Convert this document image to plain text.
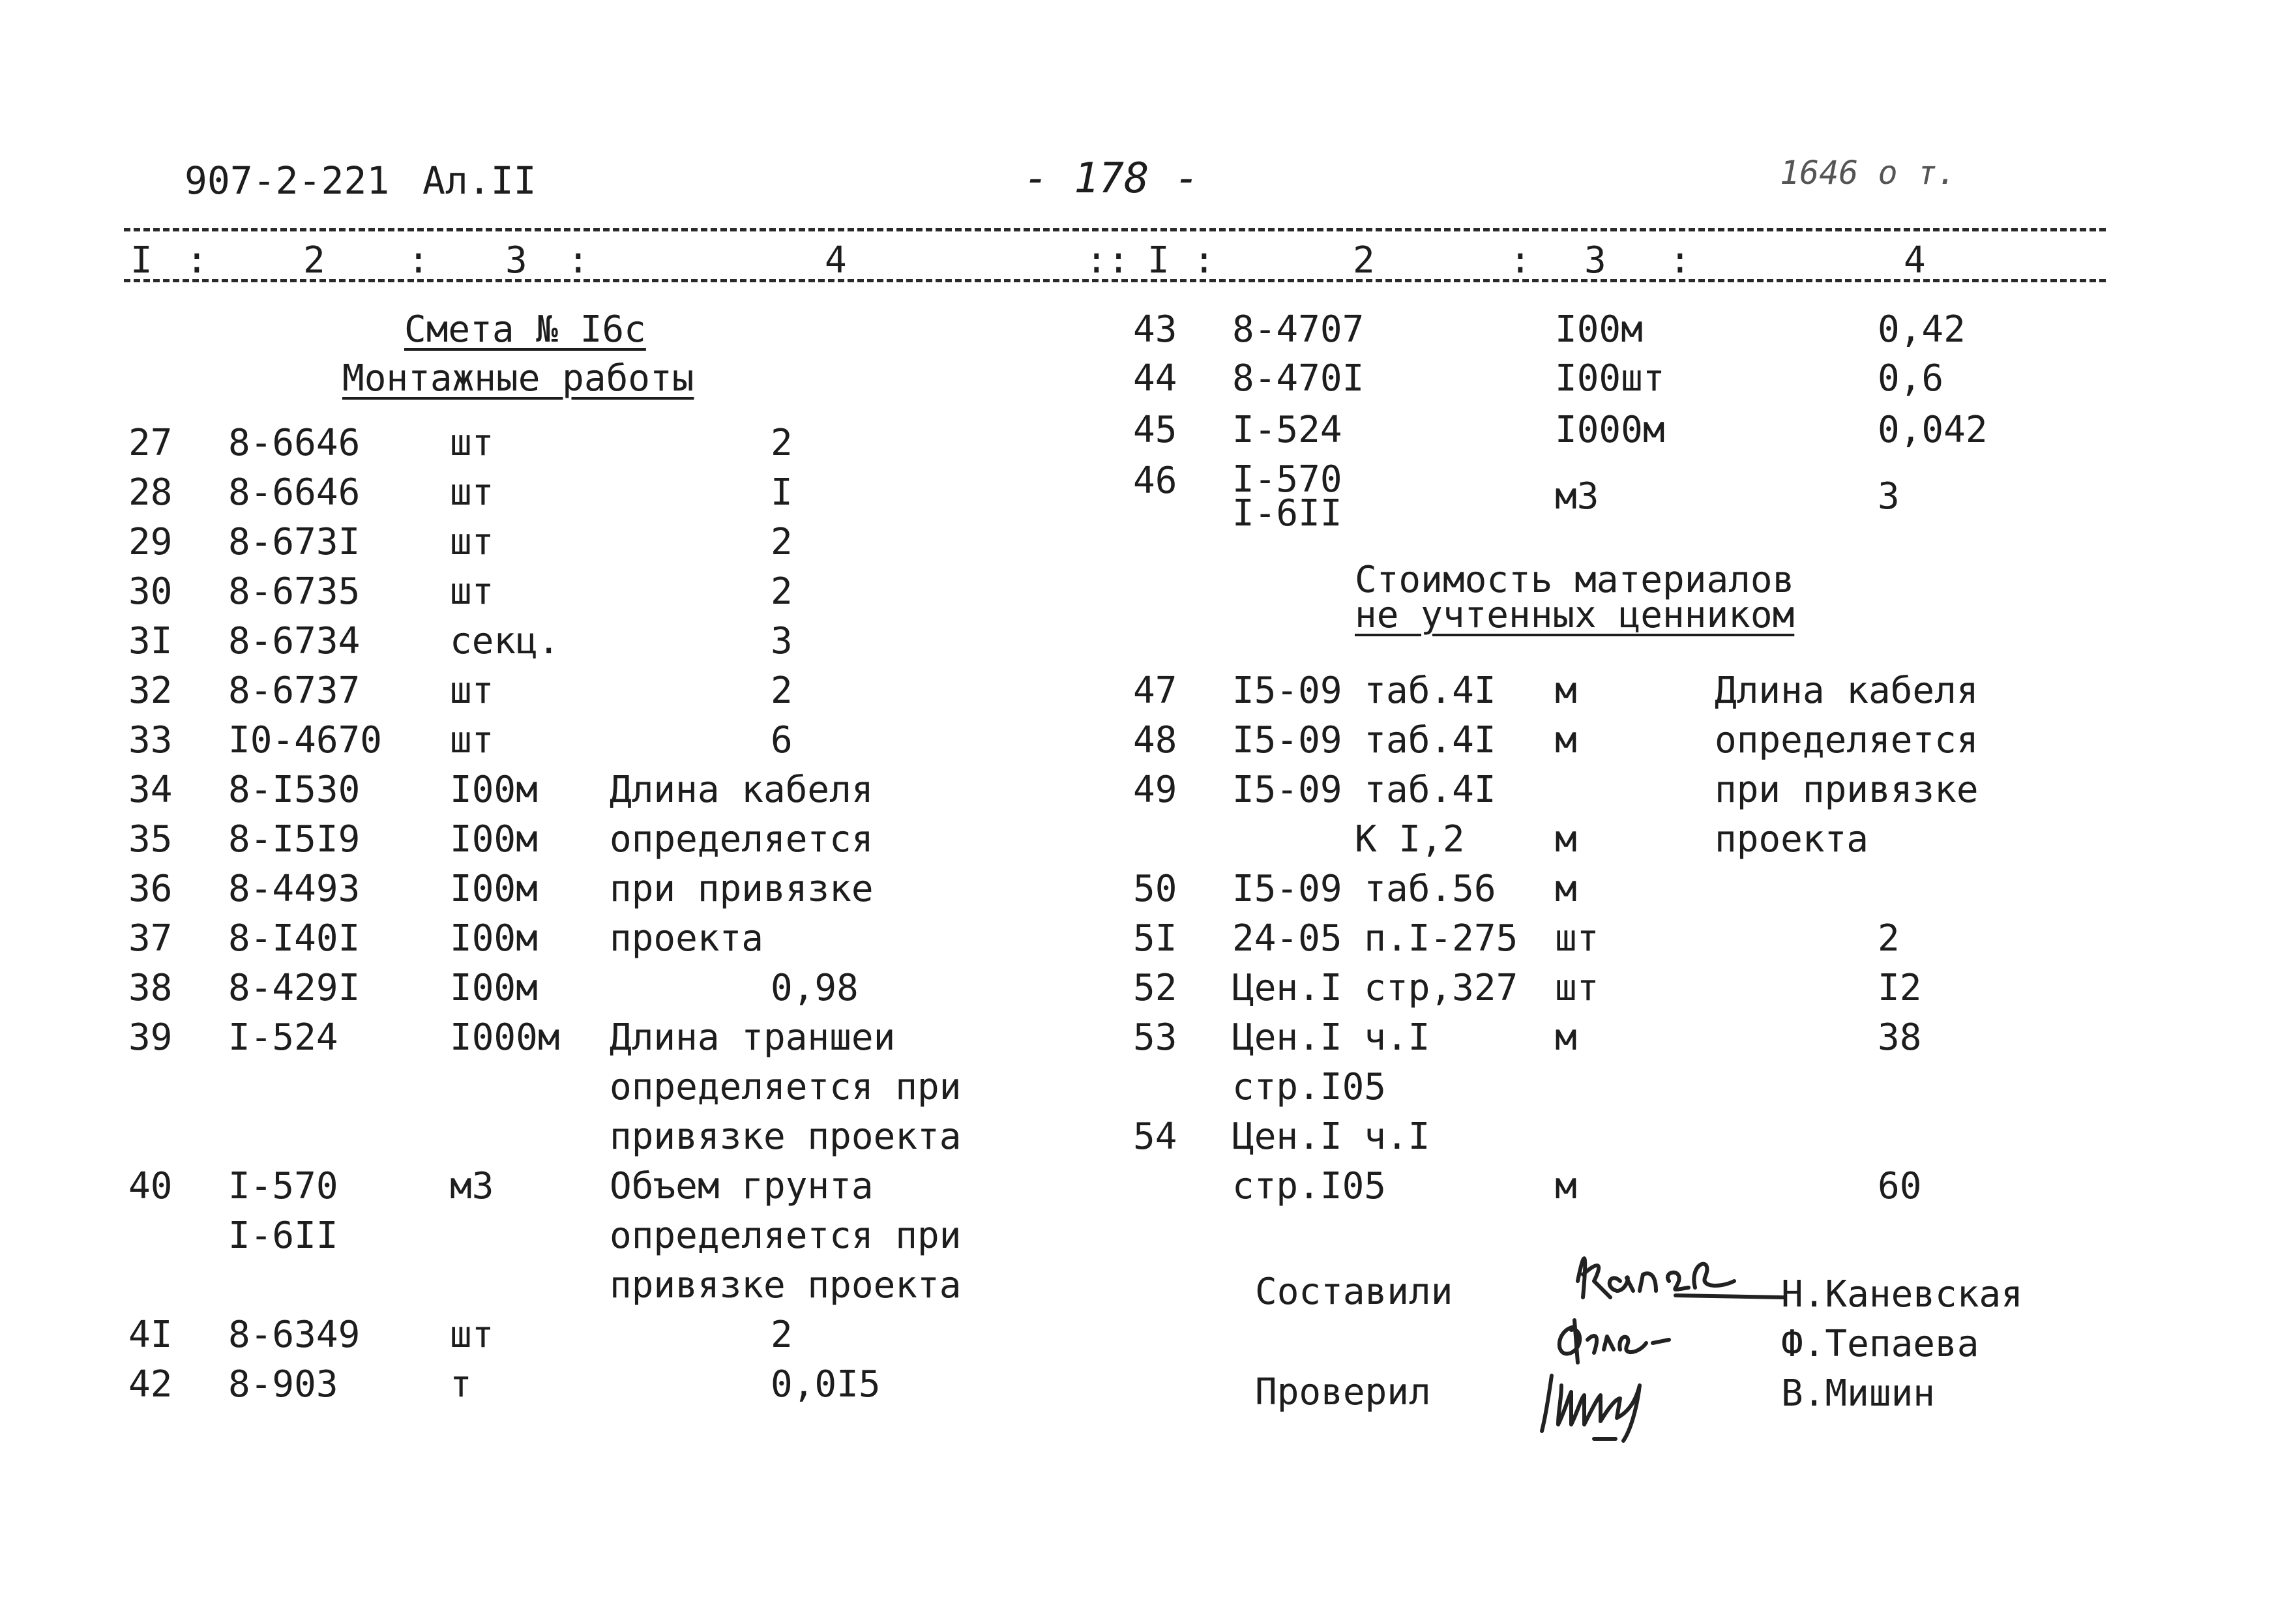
907-2-221 Ал.II	- 178 -	1646 о т.
I :	2 : 3 :	4	:: I :	2	: 3 :	4
Смета № I6c
Монтажные работы
27 8-6646 шт	2
28 8-6646 шт	I
29 8-673I шт	2
30 8-6735 шт	2
3I 8-6734 секц.	3
32 8-6737 шт	2
33 I0-4670 шт	6
34 8-I530 I00м Длина кабеля
35 8-I5I9 I00м определяется
36 8-4493 I00м при привязке
37 8-I40I I00м проекта
38 8-429I I00м	0,98
39 I-524	I000м Длина траншеи
определяется при
привязке проекта
40 I-570	м3	Объем грунта
I-6II	определяется при
привязке проекта
4I 8-6349 шт	2
42 8-903	т	0,0I5
43 8-4707	I00м	0,42
44 8-470I	I00шт	0,6
45 I-524	I000м	0,042
46 I-570
I-6II	м3	3
Стоимость материалов
не учтенных ценником
47 I5-09 таб.4I м	Длина кабеля
48 I5-09 таб.4I м	определяется
49 I5-09 таб.4I	при привязке
К I,2 м	проекта
50 I5-09 таб.56 м
5I 24-05 п.I-275 шт	2
52 Цен.I стр,327 шт	I2
53 Цен.I ч.I	м	38
стр.I05
54 Цен.I ч.I
стр.I05	м	60
Составили
Проверил
Н.Каневская
Ф.Тепаева
В.Мишин
